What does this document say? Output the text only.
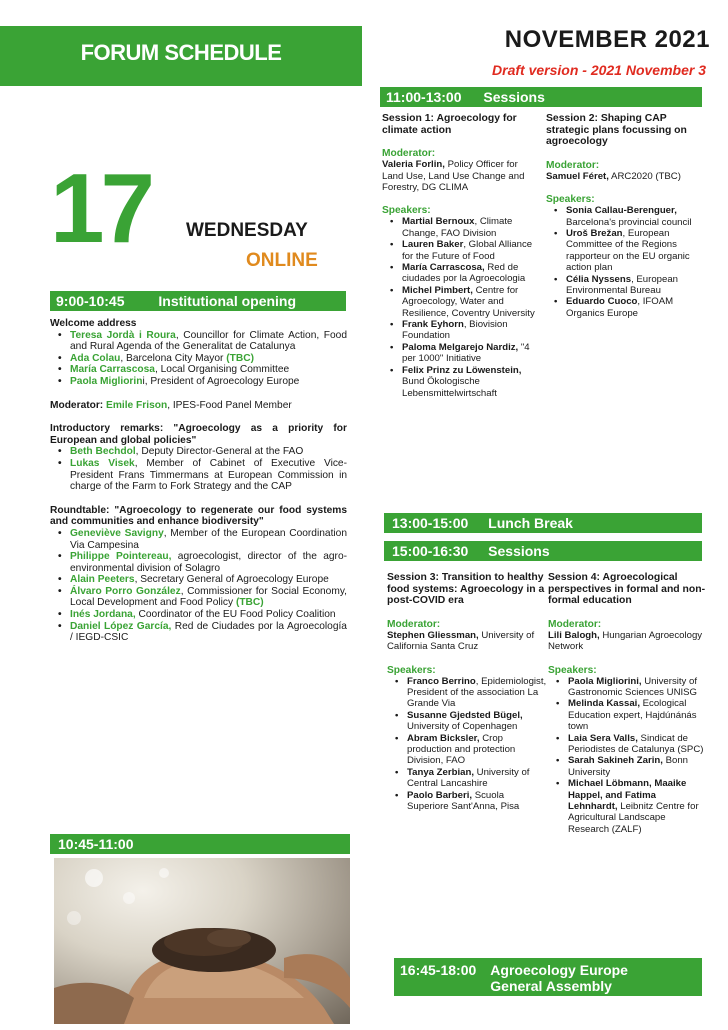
FORUM SCHEDULE	NOVEMBER 2021
Draft version - 2021 November 3
17 WEDNESDAY
ONLINE
9:00-10:45 Institutional opening
Welcome address
• Teresa Jordà i Roura, Councillor for Climate Action, Food and Rural Agenda of the Generalitat de Catalunya
• Ada Colau, Barcelona City Mayor (TBC)
• María Carrascosa, Local Organising Committee
• Paola Migliorini, President of Agroecology Europe
Moderator: Emile Frison, IPES-Food Panel Member
Introductory remarks: "Agroecology as a priority for European and global policies"
• Beth Bechdol, Deputy Director-General at the FAO
• Lukas Visek, Member of Cabinet of Executive Vice-President Frans Timmermans at European Commission in charge of the Farm to Fork Strategy and the CAP
Roundtable: "Agroecology to regenerate our food systems and communities and enhance biodiversity"
• Geneviève Savigny, Member of the European Coordination Via Campesina
• Philippe Pointereau, agroecologist, director of the agro-environmental division of Solagro
• Alain Peeters, Secretary General of Agroecology Europe
• Álvaro Porro González, Commissioner for Social Economy, Local Development and Food Policy (TBC)
• Inés Jordana, Coordinator of the EU Food Policy Coalition
• Daniel López García, Red de Ciudades por la Agroecología / IEGD-CSIC
10:45-11:00
11:00-13:00 Sessions
Session 1: Agroecology for climate action
Moderator:
Valeria Forlin, Policy Officer for Land Use, Land Use Change and Forestry, DG CLIMA
Speakers:
• Martial Bernoux, Climate Change, FAO Division
• Lauren Baker, Global Alliance for the Future of Food
• María Carrascosa, Red de ciudades por la Agroecologia
• Michel Pimbert, Centre for Agroecology, Water and Resilience, Coventry University
• Frank Eyhorn, Biovision Foundation
• Paloma Melgarejo Nardiz, "4 per 1000" Initiative
• Felix Prinz zu Löwenstein, Bund Ökologische Lebensmittelwirtschaft
Session 2: Shaping CAP strategic plans focussing on agroecology
Moderator:
Samuel Féret, ARC2020 (TBC)
Speakers:
• Sonia Callau-Berenguer, Barcelona's provincial council
• Uroš Brežan, European Committee of the Regions rapporteur on the EU organic action plan
• Célia Nyssens, European Environmental Bureau
• Eduardo Cuoco, IFOAM Organics Europe
13:00-15:00 Lunch Break
15:00-16:30 Sessions
Session 3: Transition to healthy food systems: Agroecology in a post-COVID era
Moderator:
Stephen Gliessman, University of California Santa Cruz
Speakers:
• Franco Berrino, Epidemiologist, President of the association La Grande Via
• Susanne Gjedsted Bügel, University of Copenhagen
• Abram Bicksler, Crop production and protection Division, FAO
• Tanya Zerbian, University of Central Lancashire
• Paolo Barberi, Scuola Superiore Sant'Anna, Pisa
Session 4: Agroecological perspectives in formal and non-formal education
Moderator:
Lili Balogh, Hungarian Agroecology Network
Speakers:
• Paola Migliorini, University of Gastronomic Sciences UNISG
• Melinda Kassai, Ecological Education expert, Hajdúnánás town
• Laia Sera Valls, Sindicat de Periodistes de Catalunya (SPC)
• Sarah Sakineh Zarin, Bonn University
• Michael Löbmann, Maaike Happel, and Fatima Lehnhardt, Leibnitz Centre for Agricultural Landscape Research (ZALF)
16:45-18:00 Agroecology Europe General Assembly
